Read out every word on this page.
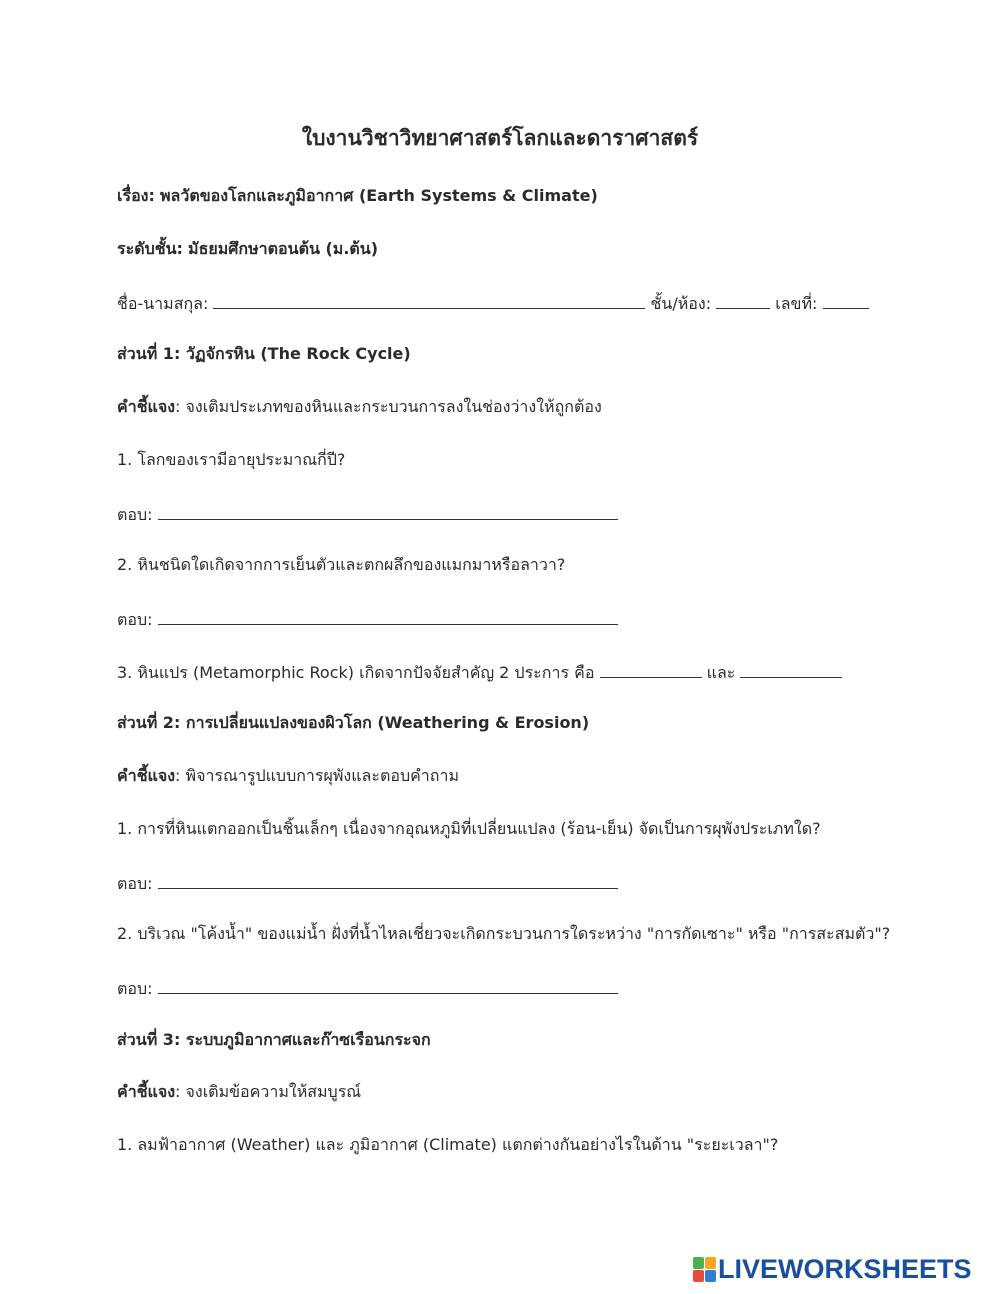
ใบงานวิชาวิทยาศาสตร์โลกและดาราศาสตร์
เรื่อง: พลวัตของโลกและภูมิอากาศ (Earth Systems & Climate)
ระดับชั้น: มัธยมศึกษาตอนต้น (ม.ต้น)
ชื่อ-นามสกุล:	ชั้น/ห้อง:	เลขที่:
ส่วนที่ 1: วัฏจักรหิน (The Rock Cycle)
คำชี้แจง: จงเติมประเภทของหินและกระบวนการลงในช่องว่างให้ถูกต้อง
1. โลกของเรามีอายุประมาณกี่ปี?
ตอบ:
2. หินชนิดใดเกิดจากการเย็นตัวและตกผลึกของแมกมาหรือลาวา?
ตอบ:
3. หินแปร (Metamorphic Rock) เกิดจากปัจจัยสำคัญ 2 ประการ คือ	และ
ส่วนที่ 2: การเปลี่ยนแปลงของผิวโลก (Weathering & Erosion)
คำชี้แจง: พิจารณารูปแบบการผุพังและตอบคำถาม
1. การที่หินแตกออกเป็นชิ้นเล็กๆ เนื่องจากอุณหภูมิที่เปลี่ยนแปลง (ร้อน-เย็น) จัดเป็นการผุพังประเภทใด?
ตอบ:
2. บริเวณ "โค้งน้ำ" ของแม่น้ำ ฝั่งที่น้ำไหลเชี่ยวจะเกิดกระบวนการใดระหว่าง "การกัดเซาะ" หรือ "การสะสมตัว"?
ตอบ:
ส่วนที่ 3: ระบบภูมิอากาศและก๊าซเรือนกระจก
คำชี้แจง: จงเติมข้อความให้สมบูรณ์
1. ลมฟ้าอากาศ (Weather) และ ภูมิอากาศ (Climate) แตกต่างกันอย่างไรในด้าน "ระยะเวลา"?
LIVEWORKSHEETS
